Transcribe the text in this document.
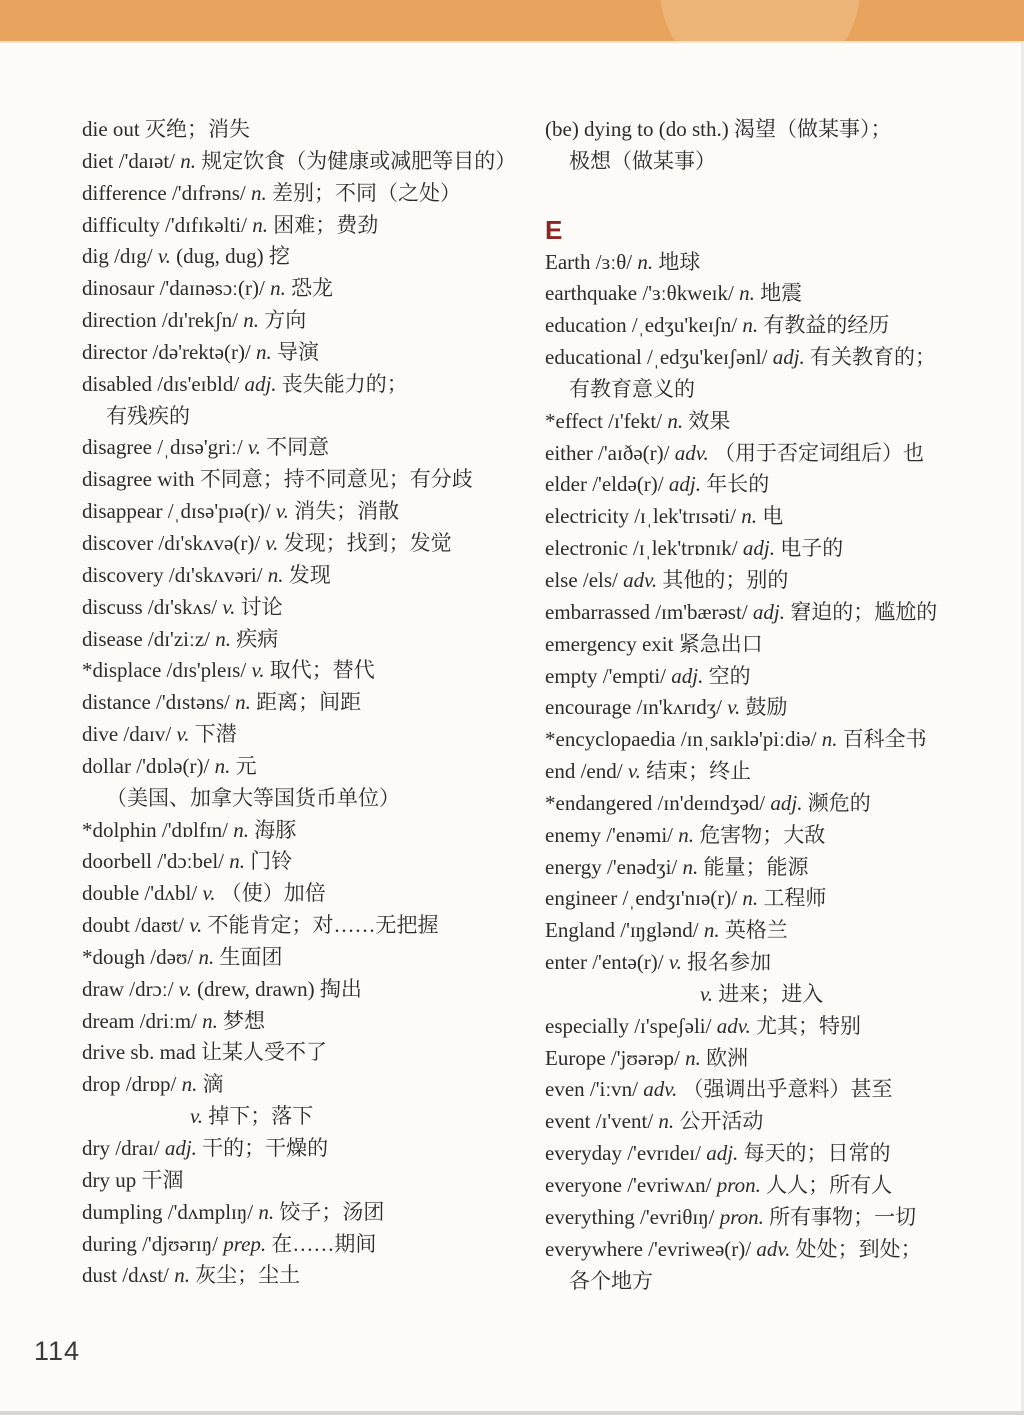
die out 灭绝；消失
diet /'daɪət/ n. 规定饮食（为健康或减肥等目的）
difference /'dɪfrəns/ n. 差别；不同（之处）
difficulty /'dɪfɪkəlti/ n. 困难；费劲
dig /dɪg/ v. (dug, dug) 挖
dinosaur /'daɪnəsɔː(r)/ n. 恐龙
direction /dɪ'rekʃn/ n. 方向
director /də'rektə(r)/ n. 导演
disabled /dɪs'eɪbld/ adj. 丧失能力的；
有残疾的
disagree /ˌdɪsə'griː/ v. 不同意
disagree with 不同意；持不同意见；有分歧
disappear /ˌdɪsə'pɪə(r)/ v. 消失；消散
discover /dɪ'skʌvə(r)/ v. 发现；找到；发觉
discovery /dɪ'skʌvəri/ n. 发现
discuss /dɪ'skʌs/ v. 讨论
disease /dɪ'ziːz/ n. 疾病
*displace /dɪs'pleɪs/ v. 取代；替代
distance /'dɪstəns/ n. 距离；间距
dive /daɪv/ v. 下潜
dollar /'dɒlə(r)/ n. 元
（美国、加拿大等国货币单位）
*dolphin /'dɒlfɪn/ n. 海豚
doorbell /'dɔːbel/ n. 门铃
double /'dʌbl/ v. （使）加倍
doubt /daʊt/ v. 不能肯定；对……无把握
*dough /dəʊ/ n. 生面团
draw /drɔː/ v. (drew, drawn) 掏出
dream /driːm/ n. 梦想
drive sb. mad 让某人受不了
drop /drɒp/ n. 滴
v. 掉下；落下
dry /draɪ/ adj. 干的；干燥的
dry up 干涸
dumpling /'dʌmplɪŋ/ n. 饺子；汤团
during /'djʊərɪŋ/ prep. 在……期间
dust /dʌst/ n. 灰尘；尘土
(be) dying to (do sth.) 渴望（做某事）；
极想（做某事）
E
Earth /ɜːθ/ n. 地球
earthquake /'ɜːθkweɪk/ n. 地震
education /ˌedʒu'keɪʃn/ n. 有教益的经历
educational /ˌedʒu'keɪʃənl/ adj. 有关教育的；
有教育意义的
*effect /ɪ'fekt/ n. 效果
either /'aɪðə(r)/ adv. （用于否定词组后）也
elder /'eldə(r)/ adj. 年长的
electricity /ɪˌlek'trɪsəti/ n. 电
electronic /ɪˌlek'trɒnɪk/ adj. 电子的
else /els/ adv. 其他的；别的
embarrassed /ɪm'bærəst/ adj. 窘迫的；尴尬的
emergency exit 紧急出口
empty /'empti/ adj. 空的
encourage /ɪn'kʌrɪdʒ/ v. 鼓励
*encyclopaedia /ɪnˌsaɪklə'piːdiə/ n. 百科全书
end /end/ v. 结束；终止
*endangered /ɪn'deɪndʒəd/ adj. 濒危的
enemy /'enəmi/ n. 危害物；大敌
energy /'enədʒi/ n. 能量；能源
engineer /ˌendʒɪ'nɪə(r)/ n. 工程师
England /'ɪŋglənd/ n. 英格兰
enter /'entə(r)/ v. 报名参加
v. 进来；进入
especially /ɪ'speʃəli/ adv. 尤其；特别
Europe /'jʊərəp/ n. 欧洲
even /'iːvn/ adv. （强调出乎意料）甚至
event /ɪ'vent/ n. 公开活动
everyday /'evrɪdeɪ/ adj. 每天的；日常的
everyone /'evriwʌn/ pron. 人人；所有人
everything /'evriθɪŋ/ pron. 所有事物；一切
everywhere /'evriweə(r)/ adv. 处处；到处；
各个地方
114
